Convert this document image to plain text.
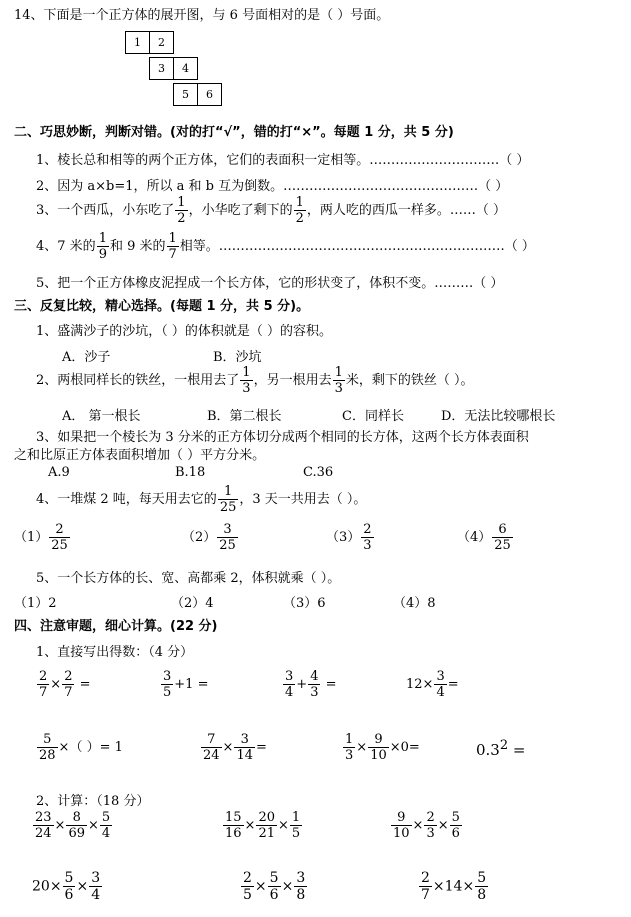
14、下面是一个正方体的展开图，与 6 号面相对的是（ ）号面。
1	2
3	4
5	6
二、巧思妙断，判断对错。(对的打“√”，错的打“×”。每题 1 分，共 5 分)
1、棱长总和相等的两个正方体，它们的表面积一定相等。…………………………（ ）
2、因为 a×b=1，所以 a 和 b 互为倒数。………………………………………（ ）
3、一个西瓜，小东吃了 $\frac{1}{2}$ ，小华吃了剩下的 $\frac{1}{2}$ ，两人吃的西瓜一样多。……（ ）
4、7 米的 $\frac{1}{9}$ 和 9 米的 $\frac{1}{7}$ 相等。…………………………………………………………（ ）
5、把一个正方体橡皮泥捏成一个长方体，它的形状变了，体积不变。………（ ）
三、反复比较，精心选择。(每题 1 分，共 5 分)。
1、盛满沙子的沙坑，（ ）的体积就是（ ）的容积。
A．沙子	B．沙坑
2、两根同样长的铁丝，一根用去了 $\frac{1}{3}$ ，另一根用去 $\frac{1}{3}$ 米，剩下的铁丝（ ）。
A． 第一根长	B．第二根长	C．同样长	D．无法比较哪根长
3、如果把一个棱长为 3 分米的正方体切分成两个相同的长方体，这两个长方体表面积
之和比原正方体表面积增加（ ）平方分米。
A.9	B.18	C.36
4、一堆煤 2 吨，每天用去它的 $\frac{1}{25}$ ，3 天一共用去（ ）。
$(1) \frac{2}{25}$	$(2) \frac{3}{25}$	$(3) \frac{2}{3}$	$(4) \frac{6}{25}$
5、一个长方体的长、宽、高都乘 2，体积就乘（ ）。
（1）2	（2）4	（3）6	（4）8
四、注意审题，细心计算。(22 分)
1、直接写出得数：（4 分）
$\frac{2}{7} \times \frac{2}{7}$ =	$\frac{3}{5} +1$ =	$\frac{3}{4} + \frac{4}{3}$ =	$12\times \frac{3}{4}$ =
$\frac{5}{28}$ ×（ ）= 1	$\frac{7}{24} \times \frac{3}{14}$ =	$\frac{1}{3} \times \frac{9}{10} \times 0=$	$0.3^2$ =
2、计算：（18 分）
$\frac{23}{24} \times \frac{8}{69} \times \frac{5}{4}$	$\frac{15}{16} \times \frac{20}{21} \times \frac{1}{5}$	$\frac{9}{10} \times \frac{2}{3} \times \frac{5}{6}$
$20\times \frac{5}{6} \times \frac{3}{4}$	$\frac{2}{5} \times \frac{5}{6} \times \frac{3}{8}$	$\frac{2}{7} \times 14\times \frac{5}{8}$
